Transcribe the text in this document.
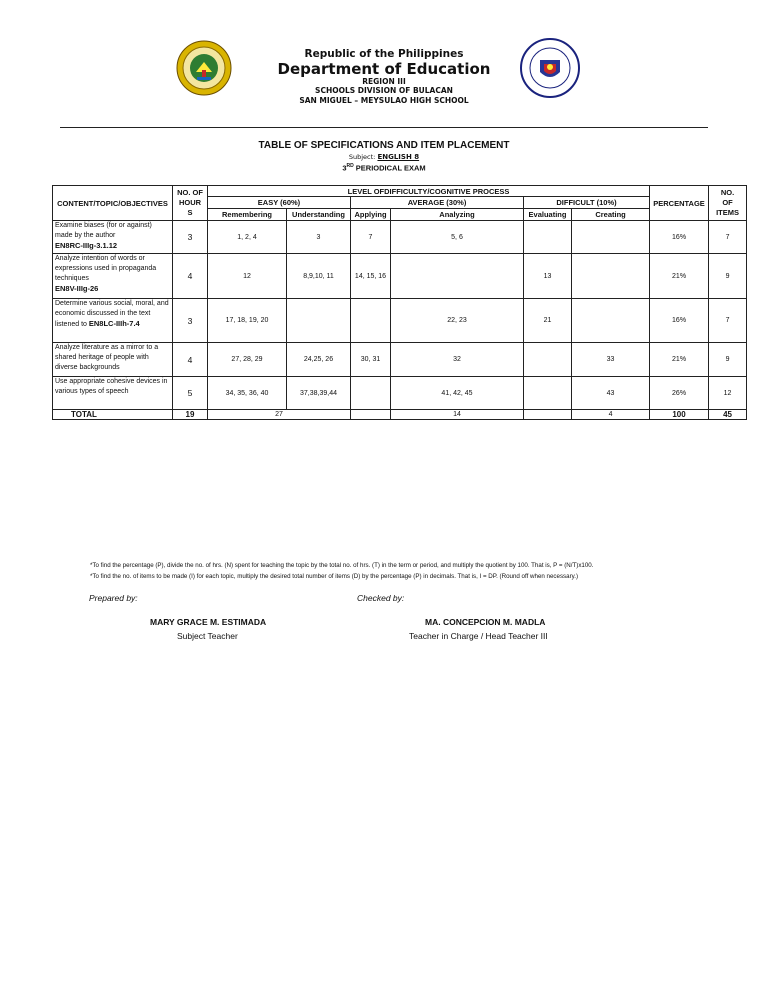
Republic of the Philippines
Department of Education
REGION III
SCHOOLS DIVISION OF BULACAN
SAN MIGUEL – MEYSULAO HIGH SCHOOL
TABLE OF SPECIFICATIONS AND ITEM PLACEMENT
Subject: ENGLISH 8
3RD PERIODICAL EXAM
CONTENT/TOPIC/OBJECTIVES	NO. OF
HOUR
S	LEVEL OFDIFFICULTY/COGNITIVE PROCESS						PERCENTAGE	NO.
OF
ITEMS
		EASY (60%)		AVERAGE (30%)		DIFFICULT (10%)			
		Remembering	Understanding	Applying	Analyzing	Evaluating	Creating		
Examine biases (for or against) made by the author
EN8RC-IIIg-3.1.12	3	1, 2, 4	3	7	5, 6			16%	7
Analyze intention of words or expressions used in propaganda techniques
EN8V-IIIg-26	4	12	8,9,10, 11	14, 15, 16		13		21%	9
Determine various social, moral, and economic discussed in the text listened to EN8LC-IIIh-7.4	3	17, 18, 19, 20			22, 23	21		16%	7
Analyze literature as a mirror to a shared heritage of people with diverse backgrounds	4	27, 28, 29	24,25, 26	30, 31	32		33	21%	9
Use appropriate cohesive devices in various types of speech	5	34, 35, 36, 40	37,38,39,44		41, 42, 45		43	26%	12
TOTAL	19	27			14		4	100	45
*To find the percentage (P), divide the no. of hrs. (N) spent for teaching the topic by the total no. of hrs. (T) in the term or period, and multiply the quotient by 100. That is, P = (N/T)x100.
*To find the no. of items to be made (I) for each topic, multiply the desired total number of items (D) by the percentage (P) in decimals. That is, I = DP. (Round off when necessary.)
Prepared by:	Checked by:
MARY GRACE M. ESTIMADA
Subject Teacher
MA. CONCEPCION M. MADLA
Teacher in Charge / Head Teacher III
